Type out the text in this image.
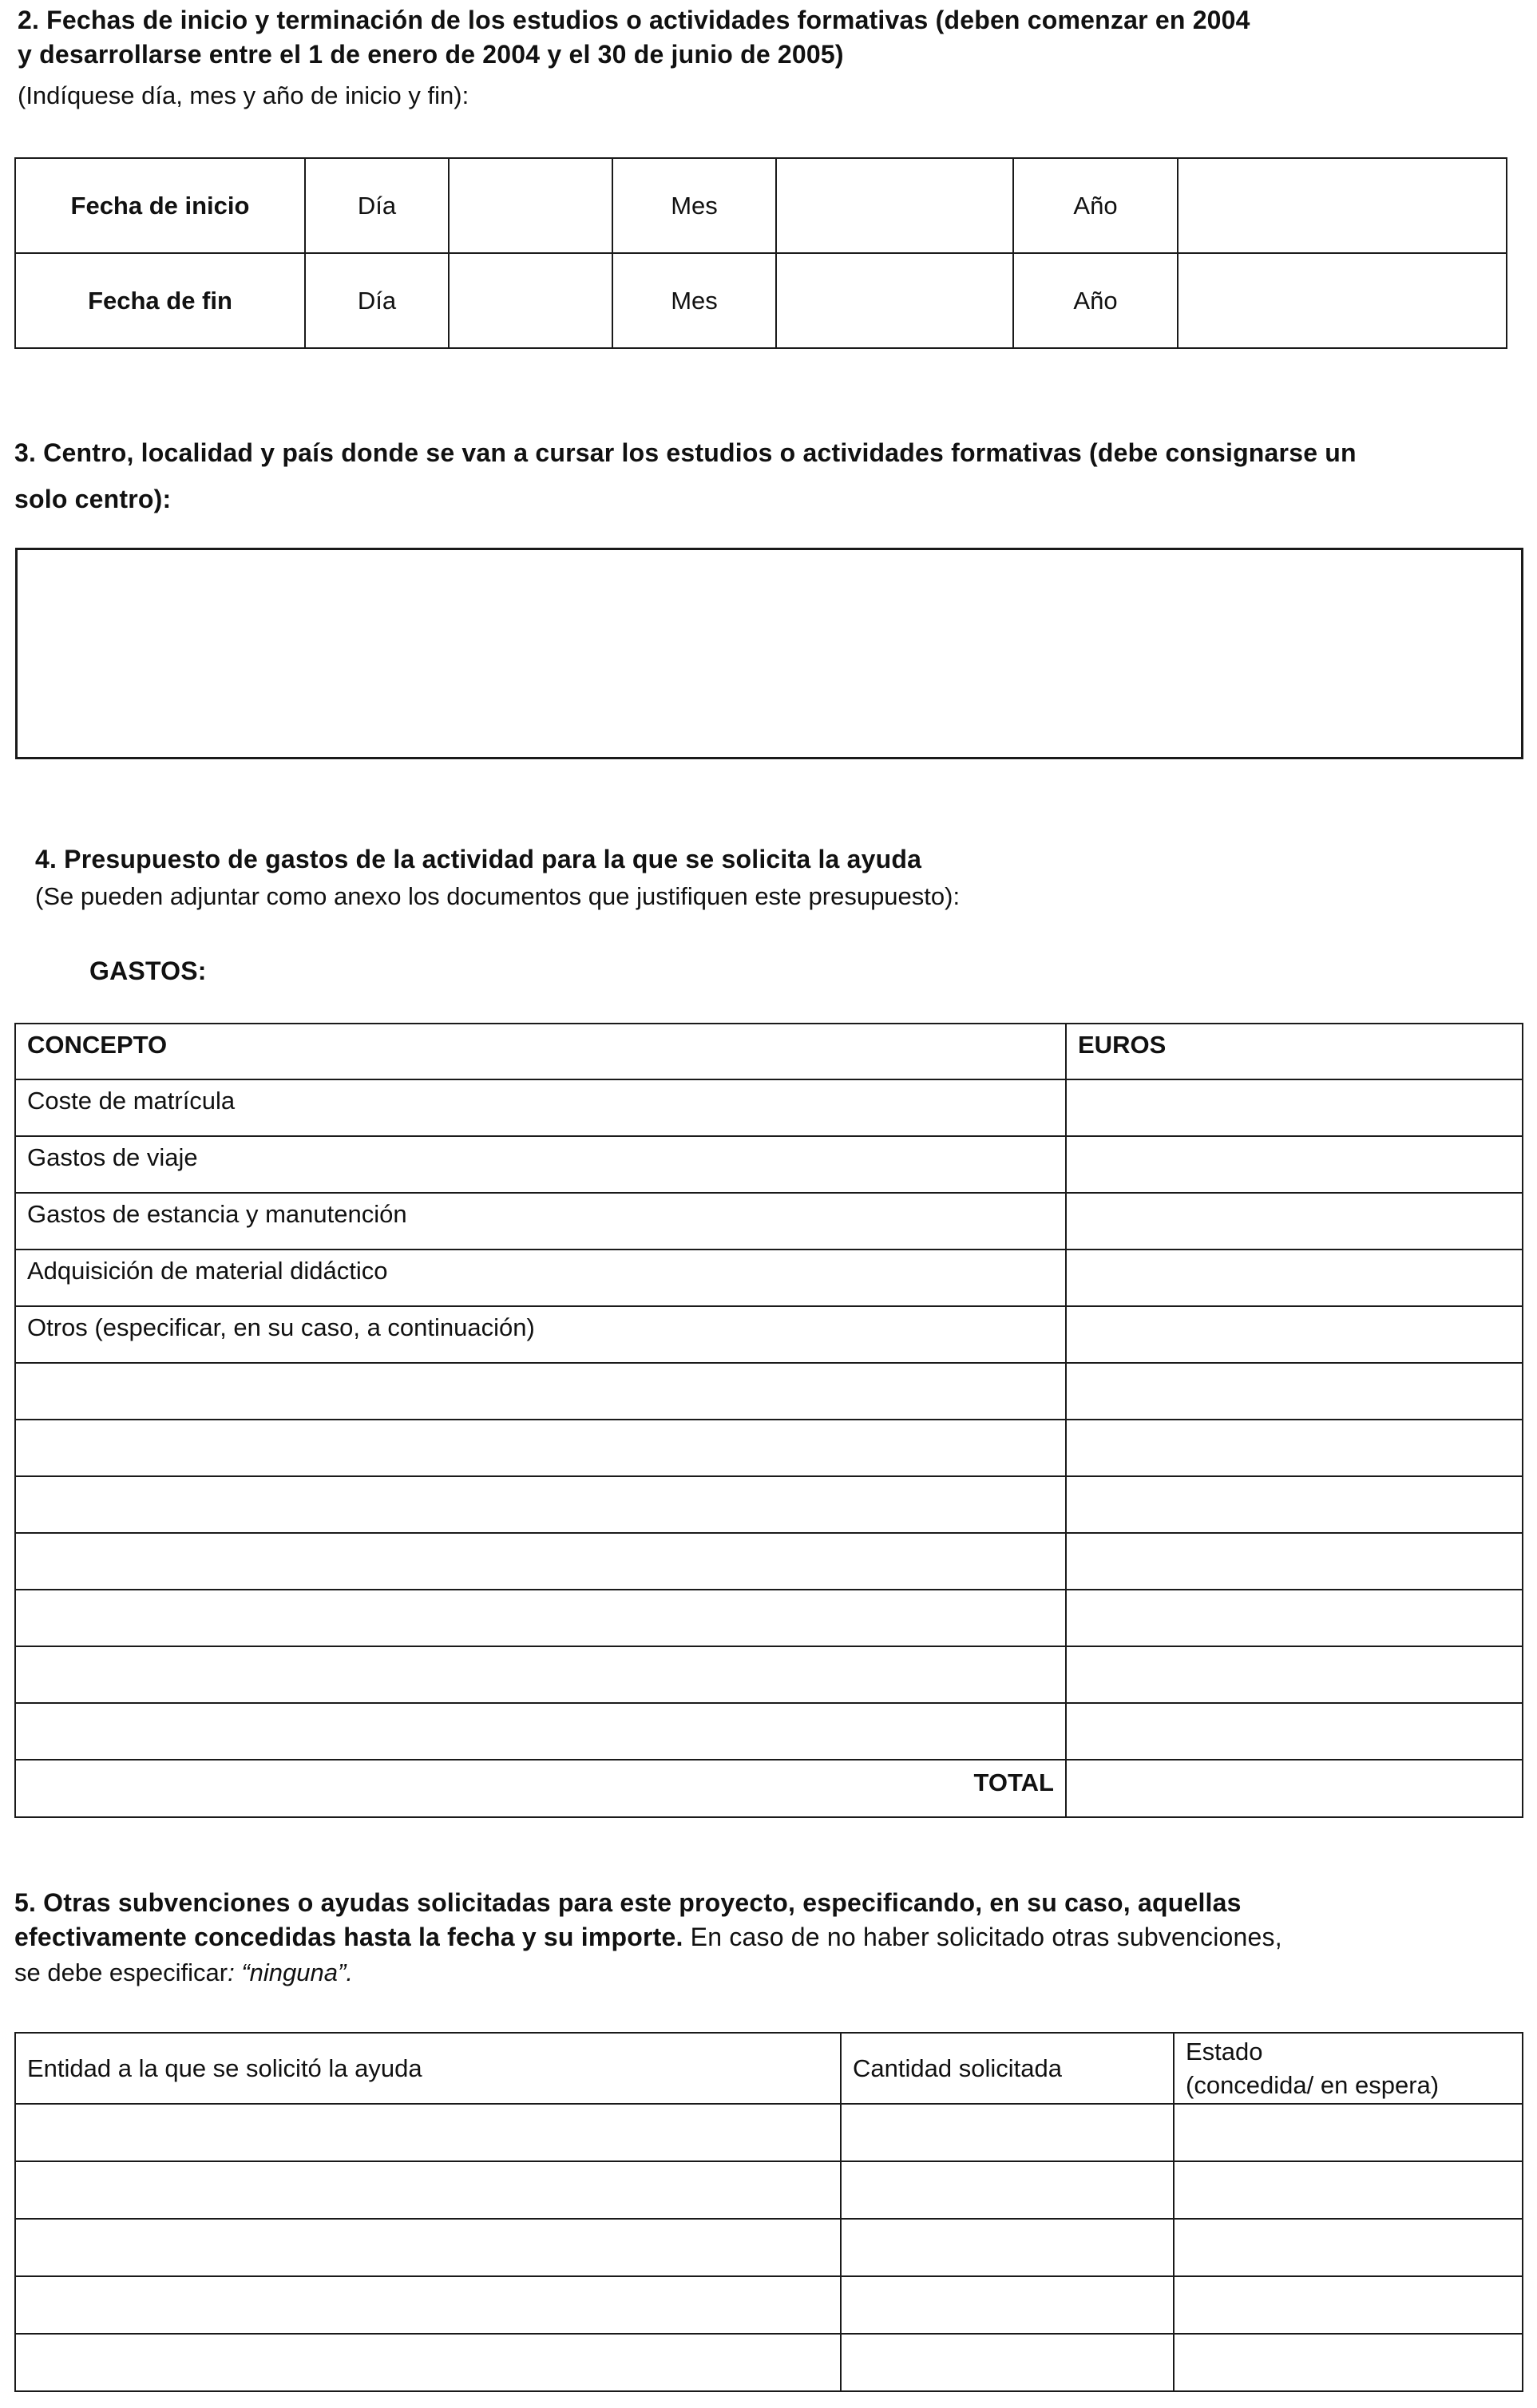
2. Fechas de inicio y terminación de los estudios o actividades formativas (deben comenzar en 2004
y desarrollarse entre el 1 de enero de 2004 y el 30 de junio de 2005)
(Indíquese día, mes y año de inicio y fin):
Fecha de inicio	Día		Mes		Año	
Fecha de fin	Día		Mes		Año	
3. Centro, localidad y país donde se van a cursar los estudios o actividades formativas (debe consignarse un
solo centro):
4. Presupuesto de gastos de la actividad para la que se solicita la ayuda
(Se pueden adjuntar como anexo los documentos que justifiquen este presupuesto):
GASTOS:
CONCEPTO	EUROS
Coste de matrícula	
Gastos de viaje	
Gastos de estancia y manutención	
Adquisición de material didáctico	
Otros (especificar, en su caso, a continuación)	

TOTAL	
5. Otras subvenciones o ayudas solicitadas para este proyecto, especificando, en su caso, aquellas
efectivamente concedidas hasta la fecha y su importe. En caso de no haber solicitado otras subvenciones,
se debe especificar: “ninguna”.
Entidad a la que se solicitó la ayuda	Cantidad solicitada	Estado
(concedida/ en espera)
